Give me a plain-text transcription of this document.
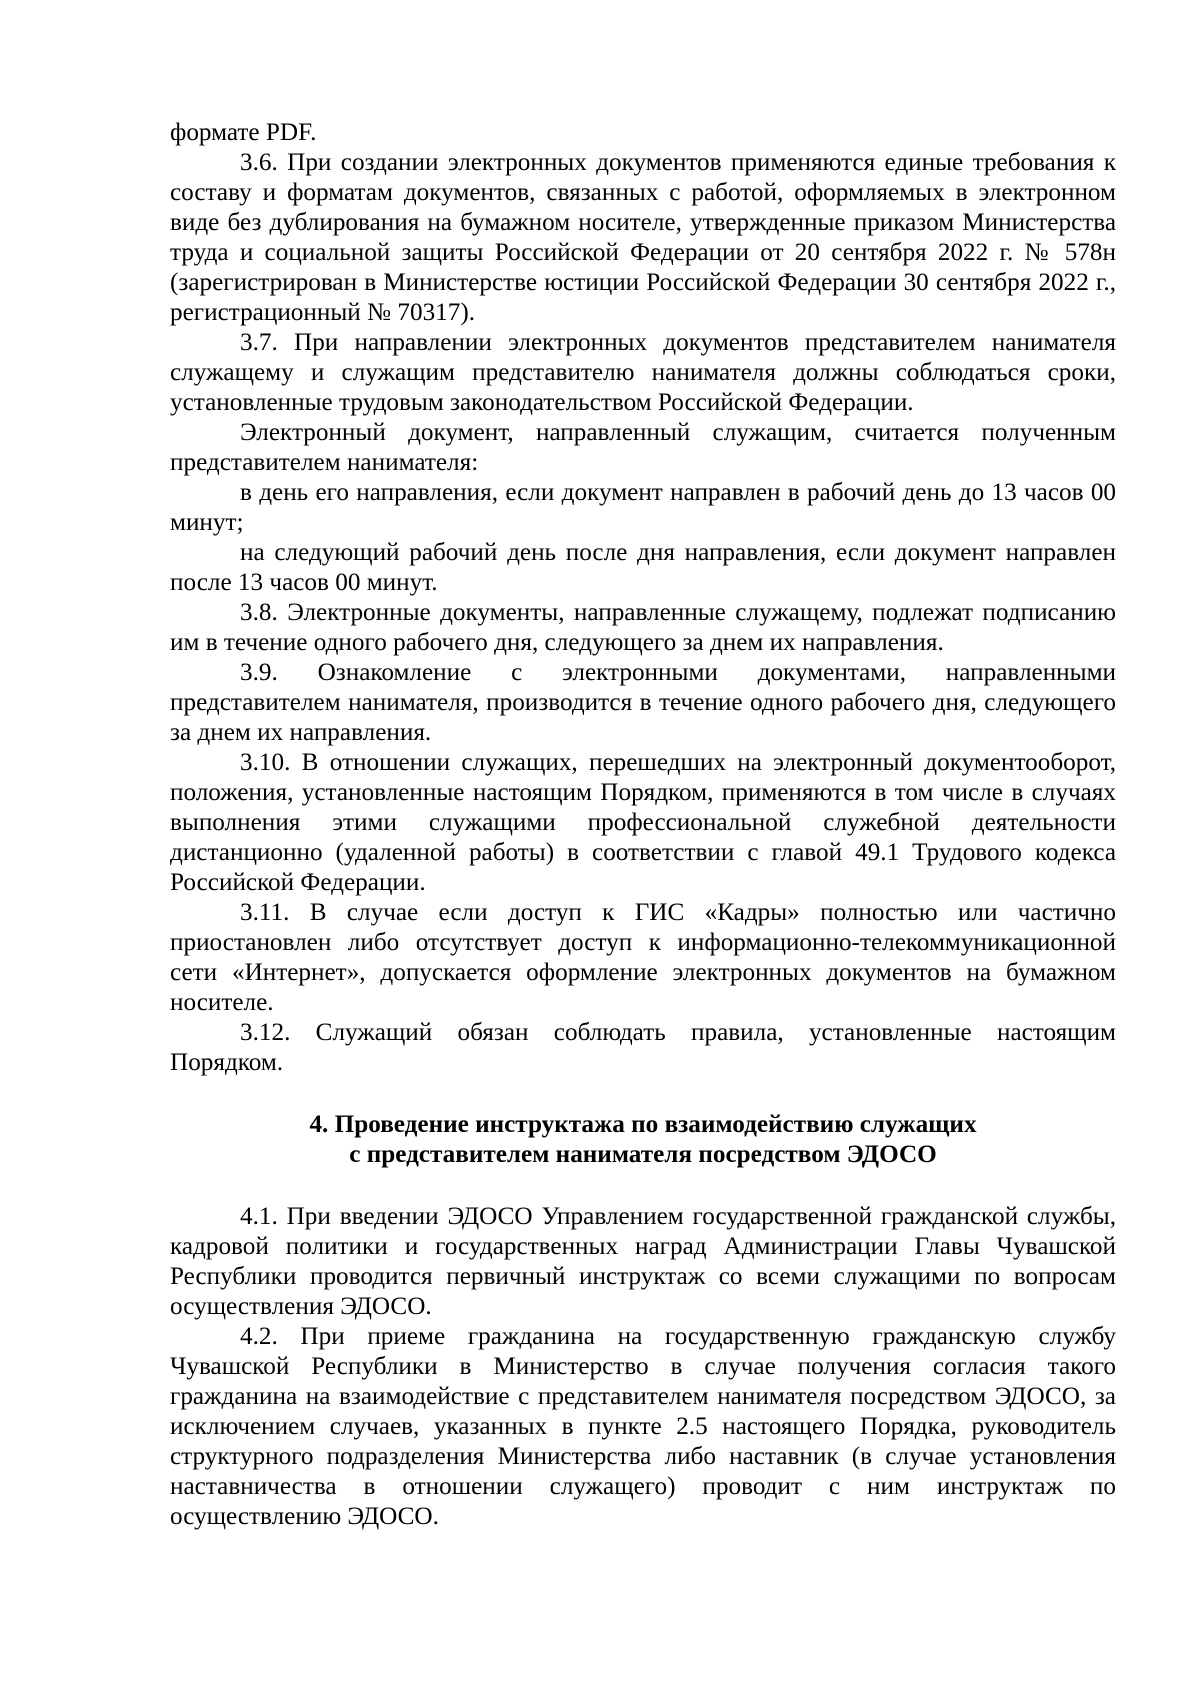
формате PDF.

3.6. При создании электронных документов применяются единые требования к составу и форматам документов, связанных с работой, оформляемых в электронном виде без дублирования на бумажном носителе, утвержденные приказом Министерства труда и социальной защиты Российской Федерации от 20 сентября 2022 г. № 578н (зарегистрирован в Министерстве юстиции Российской Федерации 30 сентября 2022 г., регистрационный № 70317).

3.7. При направлении электронных документов представителем нанимателя служащему и служащим представителю нанимателя должны соблюдаться сроки, установленные трудовым законодательством Российской Федерации.

Электронный документ, направленный служащим, считается полученным представителем нанимателя:

в день его направления, если документ направлен в рабочий день до 13 часов 00 минут;

на следующий рабочий день после дня направления, если документ направлен после 13 часов 00 минут.

3.8. Электронные документы, направленные служащему, подлежат подписанию им в течение одного рабочего дня, следующего за днем их направления.

3.9. Ознакомление с электронными документами, направленными представителем нанимателя, производится в течение одного рабочего дня, следующего за днем их направления.

3.10. В отношении служащих, перешедших на электронный документооборот, положения, установленные настоящим Порядком, применяются в том числе в случаях выполнения этими служащими профессиональной служебной деятельности дистанционно (удаленной работы) в соответствии с главой 49.1 Трудового кодекса Российской Федерации.

3.11. В случае если доступ к ГИС «Кадры» полностью или частично приостановлен либо отсутствует доступ к информационно-телекоммуникационной сети «Интернет», допускается оформление электронных документов на бумажном носителе.

3.12. Служащий обязан соблюдать правила, установленные настоящим Порядком.

4. Проведение инструктажа по взаимодействию служащих

с представителем нанимателя посредством ЭДОСО

4.1. При введении ЭДОСО Управлением государственной гражданской службы, кадровой политики и государственных наград Администрации Главы Чувашской Республики проводится первичный инструктаж со всеми служащими по вопросам осуществления ЭДОСО.

4.2. При приеме гражданина на государственную гражданскую службу Чувашской Республики в Министерство в случае получения согласия такого гражданина на взаимодействие с представителем нанимателя посредством ЭДОСО, за исключением случаев, указанных в пункте 2.5 настоящего Порядка, руководитель структурного подразделения Министерства либо наставник (в случае установления наставничества в отношении служащего) проводит с ним инструктаж по осуществлению ЭДОСО.
